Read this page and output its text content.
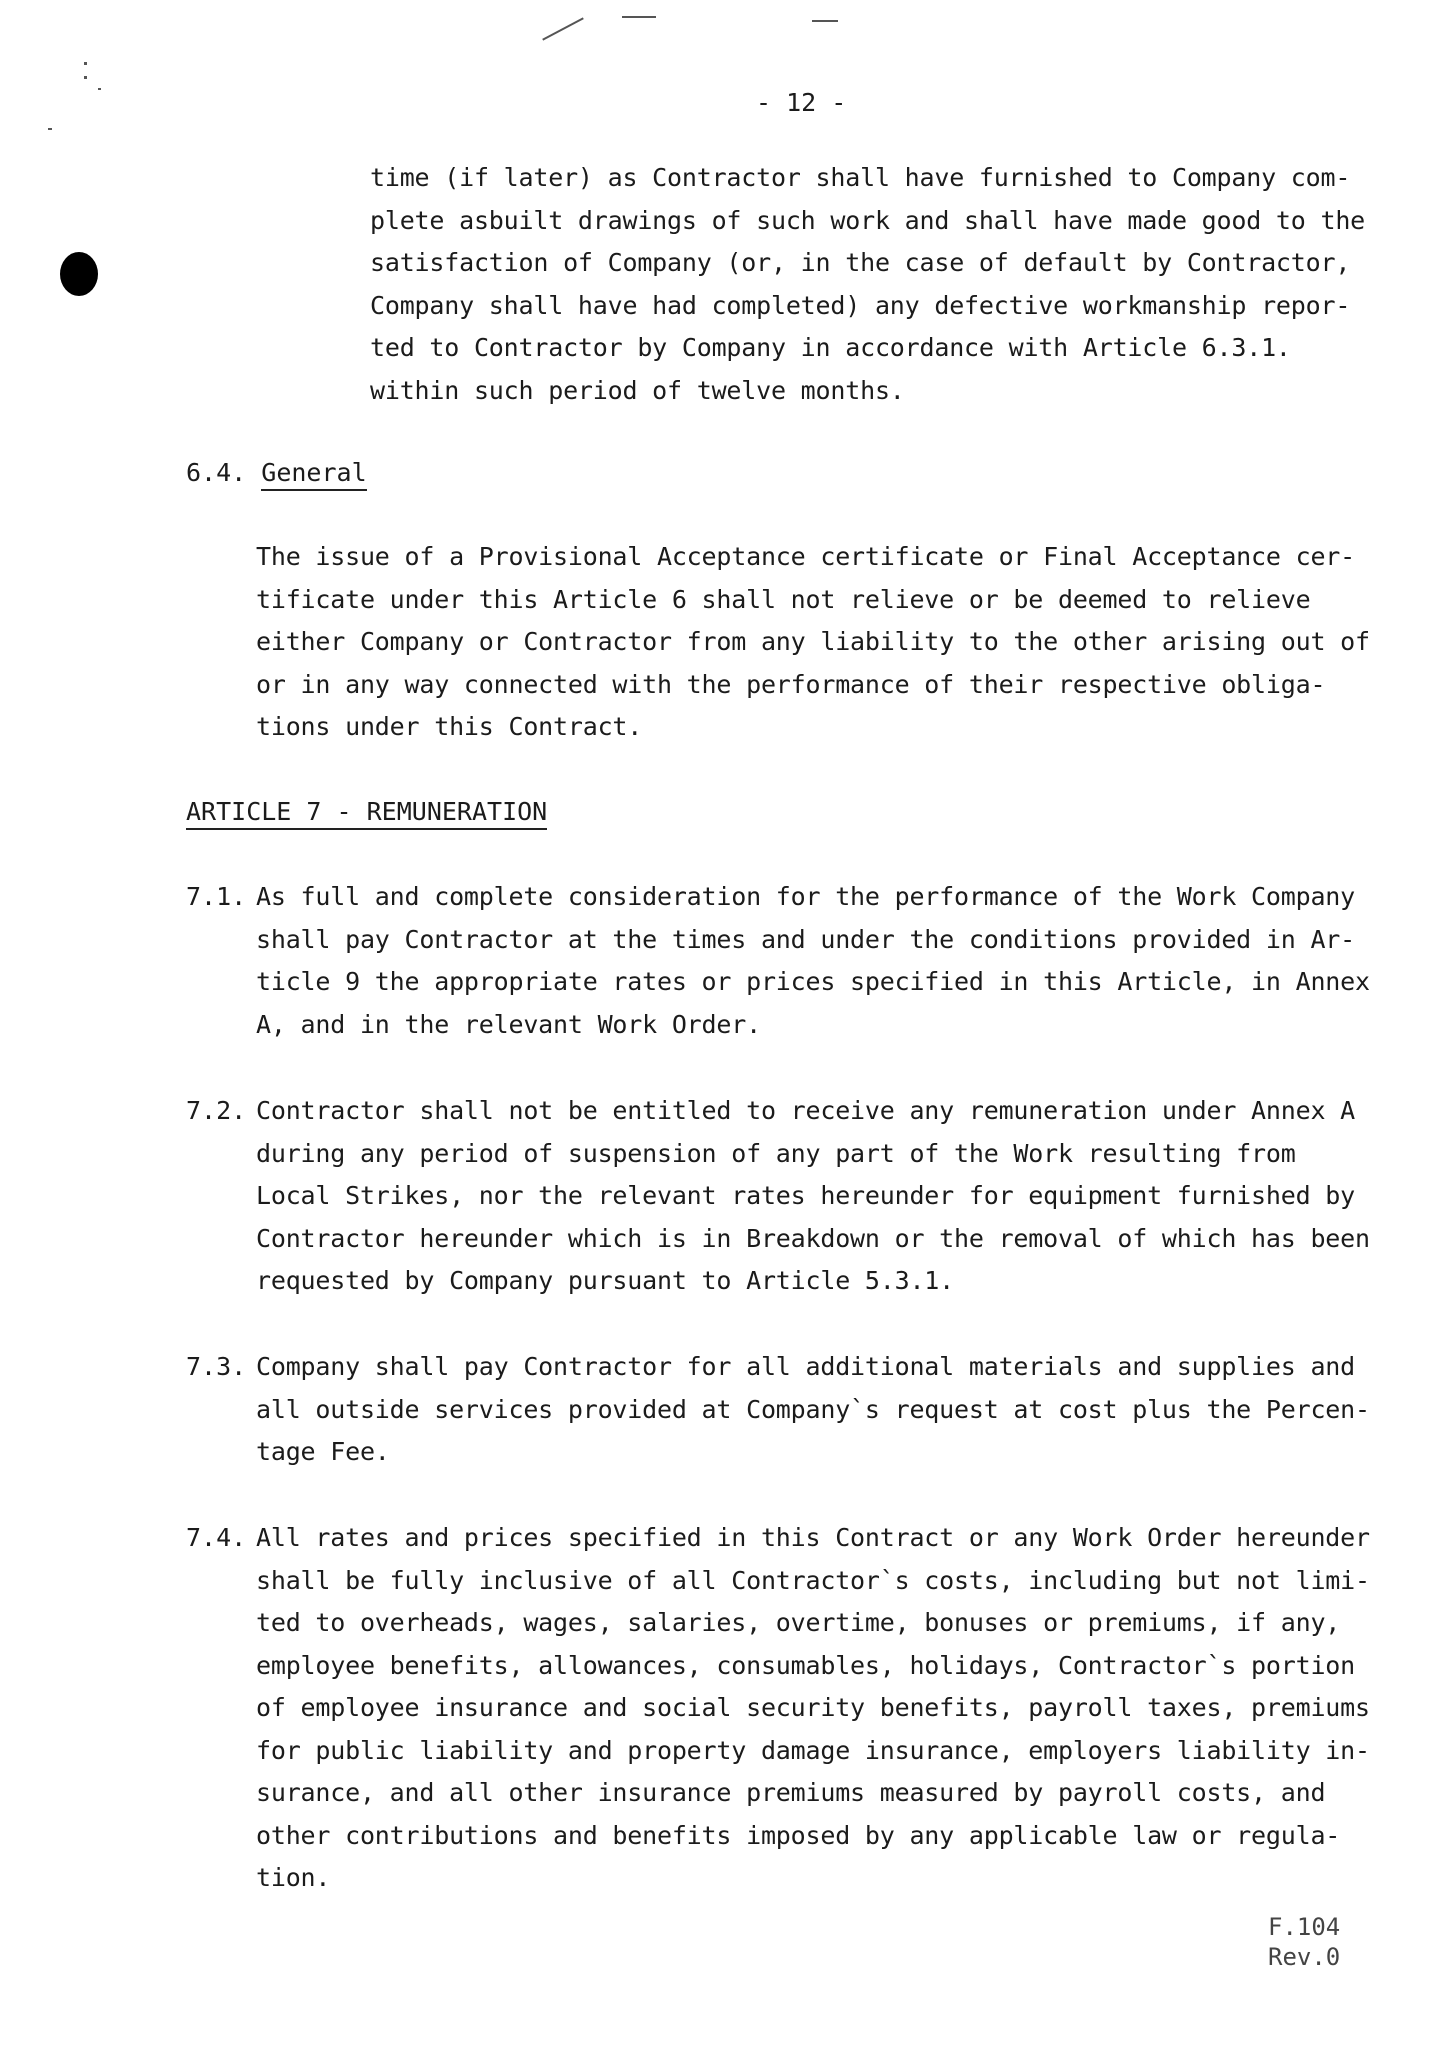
- 12 -
time (if later) as Contractor shall have furnished to Company com-
plete asbuilt drawings of such work and shall have made good to the
satisfaction of Company (or, in the case of default by Contractor,
Company shall have had completed) any defective workmanship repor-
ted to Contractor by Company in accordance with Article 6.3.1.
within such period of twelve months.
6.4. General
The issue of a Provisional Acceptance certificate or Final Acceptance cer-
tificate under this Article 6 shall not relieve or be deemed to relieve
either Company or Contractor from any liability to the other arising out of
or in any way connected with the performance of their respective obliga-
tions under this Contract.
ARTICLE 7 - REMUNERATION
7.1. As full and complete consideration for the performance of the Work Company
shall pay Contractor at the times and under the conditions provided in Ar-
ticle 9 the appropriate rates or prices specified in this Article, in Annex
A, and in the relevant Work Order.
7.2. Contractor shall not be entitled to receive any remuneration under Annex A
during any period of suspension of any part of the Work resulting from
Local Strikes, nor the relevant rates hereunder for equipment furnished by
Contractor hereunder which is in Breakdown or the removal of which has been
requested by Company pursuant to Article 5.3.1.
7.3. Company shall pay Contractor for all additional materials and supplies and
all outside services provided at Company`s request at cost plus the Percen-
tage Fee.
7.4. All rates and prices specified in this Contract or any Work Order hereunder
shall be fully inclusive of all Contractor`s costs, including but not limi-
ted to overheads, wages, salaries, overtime, bonuses or premiums, if any,
employee benefits, allowances, consumables, holidays, Contractor`s portion
of employee insurance and social security benefits, payroll taxes, premiums
for public liability and property damage insurance, employers liability in-
surance, and all other insurance premiums measured by payroll costs, and
other contributions and benefits imposed by any applicable law or regula-
tion.
F.104
Rev.0
